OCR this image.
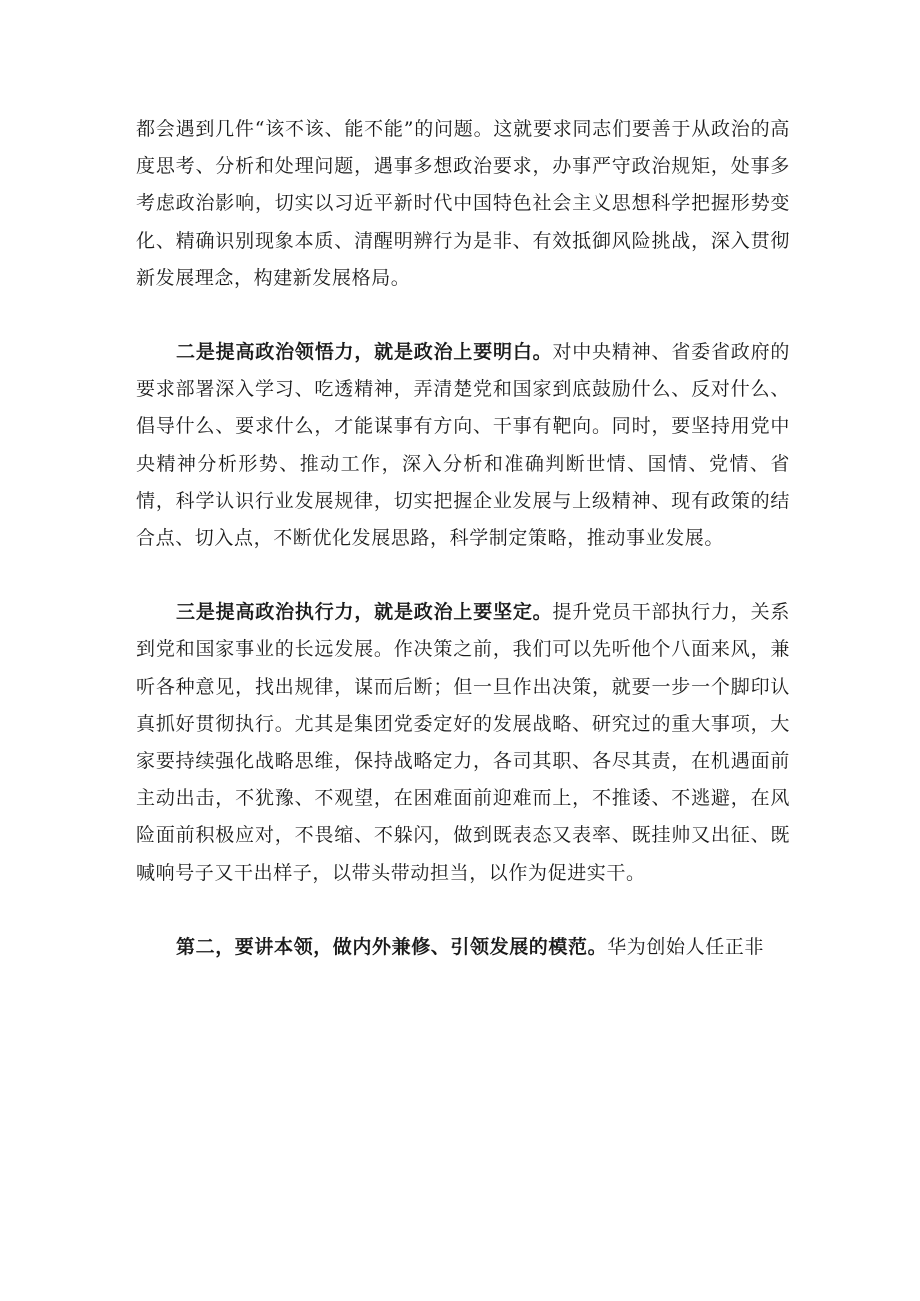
都会遇到几件“该不该、能不能”的问题。这就要求同志们要善于从政治的高度思考、分析和处理问题，遇事多想政治要求，办事严守政治规矩，处事多考虑政治影响，切实以习近平新时代中国特色社会主义思想科学把握形势变化、精确识别现象本质、清醒明辨行为是非、有效抵御风险挑战，深入贯彻新发展理念，构建新发展格局。

二是提高政治领悟力，就是政治上要明白。对中央精神、省委省政府的要求部署深入学习、吃透精神，弄清楚党和国家到底鼓励什么、反对什么、倡导什么、要求什么，才能谋事有方向、干事有靶向。同时，要坚持用党中央精神分析形势、推动工作，深入分析和准确判断世情、国情、党情、省情，科学认识行业发展规律，切实把握企业发展与上级精神、现有政策的结合点、切入点，不断优化发展思路，科学制定策略，推动事业发展。

三是提高政治执行力，就是政治上要坚定。提升党员干部执行力，关系到党和国家事业的长远发展。作决策之前，我们可以先听他个八面来风，兼听各种意见，找出规律，谋而后断；但一旦作出决策，就要一步一个脚印认真抓好贯彻执行。尤其是集团党委定好的发展战略、研究过的重大事项，大家要持续强化战略思维，保持战略定力，各司其职、各尽其责，在机遇面前主动出击，不犹豫、不观望，在困难面前迎难而上，不推诿、不逃避，在风险面前积极应对，不畏缩、不躲闪，做到既表态又表率、既挂帅又出征、既喊响号子又干出样子，以带头带动担当，以作为促进实干。

第二，要讲本领，做内外兼修、引领发展的模范。华为创始人任正非
